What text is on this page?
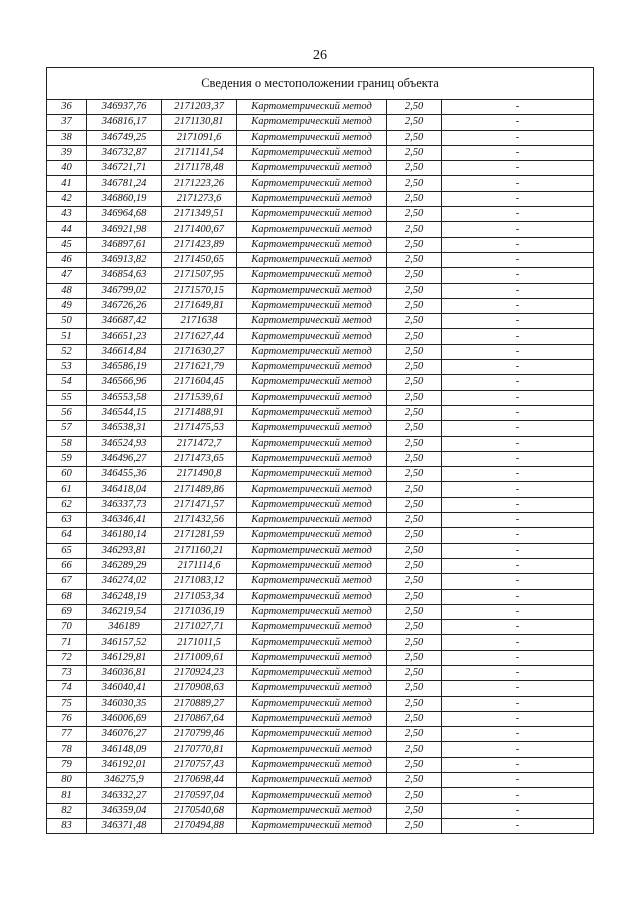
26
Сведения о местоположении границ объекта					
36	346937,76	2171203,37	Картометрический метод	2,50	-
37	346816,17	2171130,81	Картометрический метод	2,50	-
38	346749,25	2171091,6	Картометрический метод	2,50	-
39	346732,87	2171141,54	Картометрический метод	2,50	-
40	346721,71	2171178,48	Картометрический метод	2,50	-
41	346781,24	2171223,26	Картометрический метод	2,50	-
42	346860,19	2171273,6	Картометрический метод	2,50	-
43	346964,68	2171349,51	Картометрический метод	2,50	-
44	346921,98	2171400,67	Картометрический метод	2,50	-
45	346897,61	2171423,89	Картометрический метод	2,50	-
46	346913,82	2171450,65	Картометрический метод	2,50	-
47	346854,63	2171507,95	Картометрический метод	2,50	-
48	346799,02	2171570,15	Картометрический метод	2,50	-
49	346726,26	2171649,81	Картометрический метод	2,50	-
50	346687,42	2171638	Картометрический метод	2,50	-
51	346651,23	2171627,44	Картометрический метод	2,50	-
52	346614,84	2171630,27	Картометрический метод	2,50	-
53	346586,19	2171621,79	Картометрический метод	2,50	-
54	346566,96	2171604,45	Картометрический метод	2,50	-
55	346553,58	2171539,61	Картометрический метод	2,50	-
56	346544,15	2171488,91	Картометрический метод	2,50	-
57	346538,31	2171475,53	Картометрический метод	2,50	-
58	346524,93	2171472,7	Картометрический метод	2,50	-
59	346496,27	2171473,65	Картометрический метод	2,50	-
60	346455,36	2171490,8	Картометрический метод	2,50	-
61	346418,04	2171489,86	Картометрический метод	2,50	-
62	346337,73	2171471,57	Картометрический метод	2,50	-
63	346346,41	2171432,56	Картометрический метод	2,50	-
64	346180,14	2171281,59	Картометрический метод	2,50	-
65	346293,81	2171160,21	Картометрический метод	2,50	-
66	346289,29	2171114,6	Картометрический метод	2,50	-
67	346274,02	2171083,12	Картометрический метод	2,50	-
68	346248,19	2171053,34	Картометрический метод	2,50	-
69	346219,54	2171036,19	Картометрический метод	2,50	-
70	346189	2171027,71	Картометрический метод	2,50	-
71	346157,52	2171011,5	Картометрический метод	2,50	-
72	346129,81	2171009,61	Картометрический метод	2,50	-
73	346036,81	2170924,23	Картометрический метод	2,50	-
74	346040,41	2170908,63	Картометрический метод	2,50	-
75	346030,35	2170889,27	Картометрический метод	2,50	-
76	346006,69	2170867,64	Картометрический метод	2,50	-
77	346076,27	2170799,46	Картометрический метод	2,50	-
78	346148,09	2170770,81	Картометрический метод	2,50	-
79	346192,01	2170757,43	Картометрический метод	2,50	-
80	346275,9	2170698,44	Картометрический метод	2,50	-
81	346332,27	2170597,04	Картометрический метод	2,50	-
82	346359,04	2170540,68	Картометрический метод	2,50	-
83	346371,48	2170494,88	Картометрический метод	2,50	-
